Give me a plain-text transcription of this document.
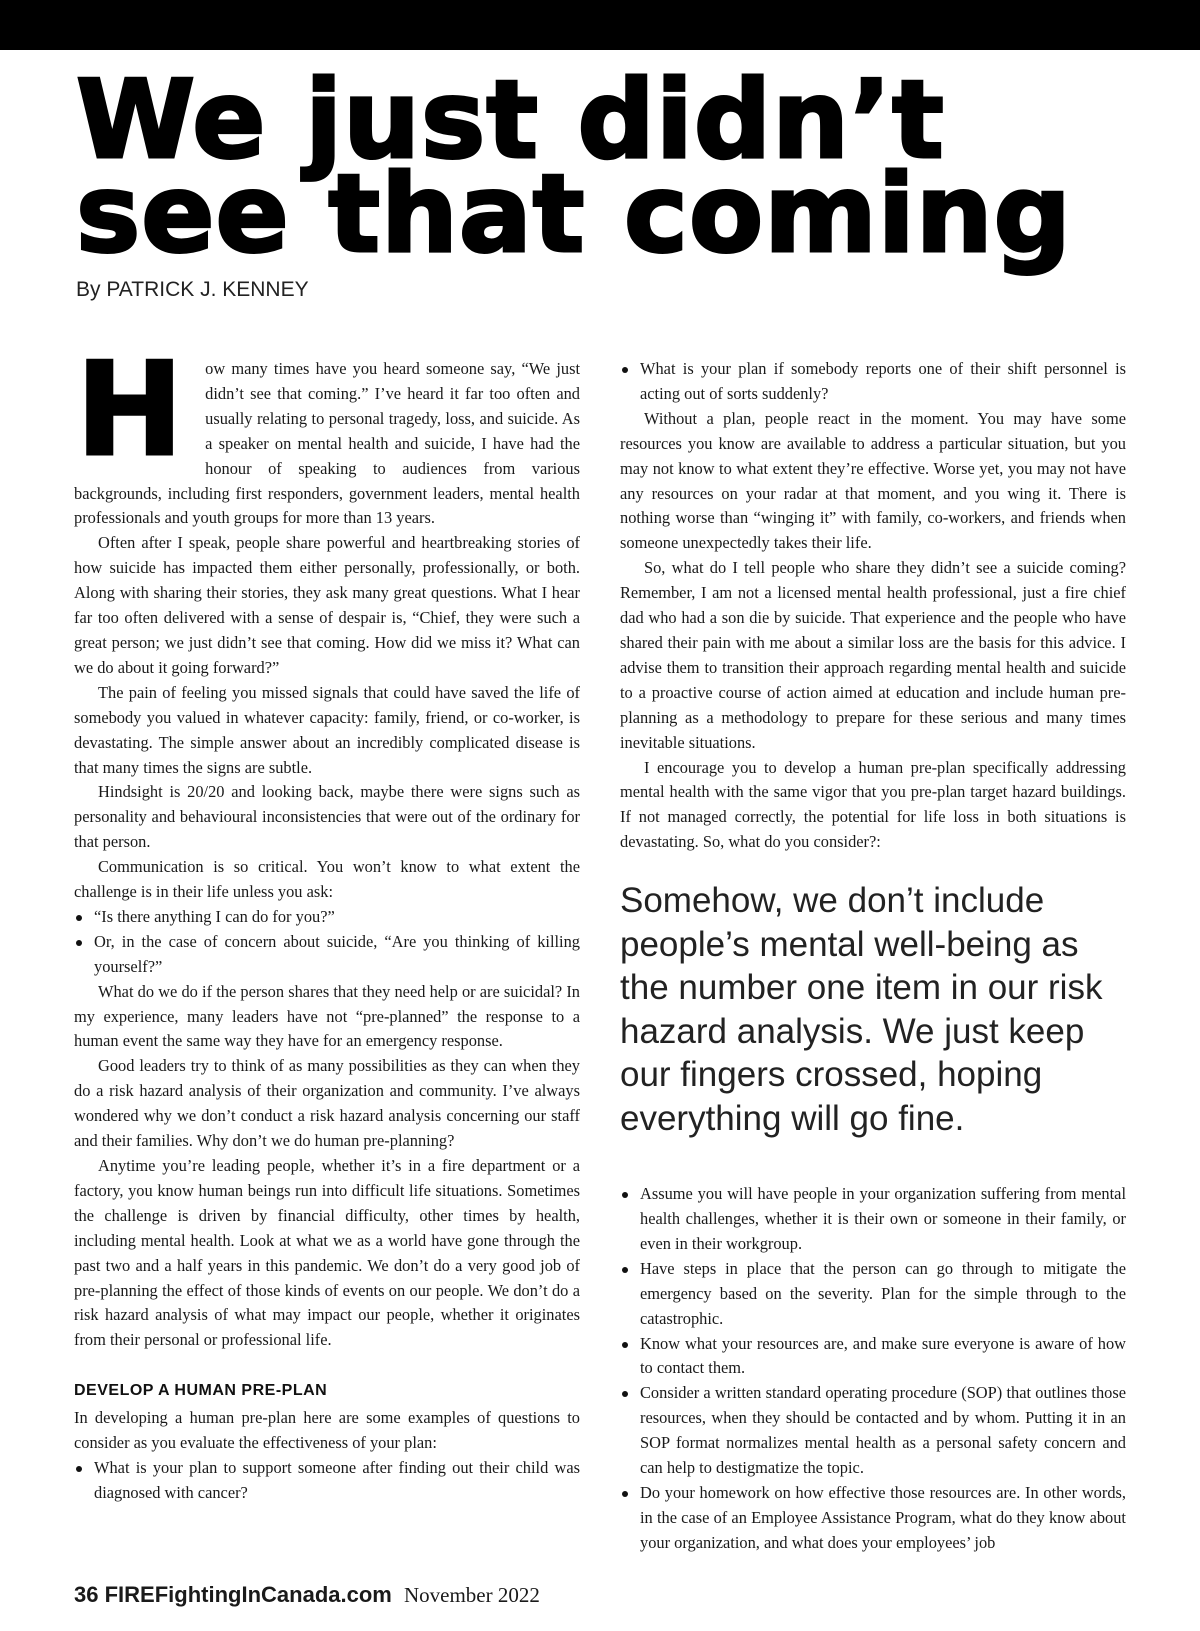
We just didn’t
see that coming
By PATRICK J. KENNEY

H ow many times have you heard someone say, “We just didn’t see that coming.” I’ve heard it far too often and usually relating to personal tragedy, loss, and suicide. As a speaker on mental health and suicide, I have had the honour of speaking to audiences from various backgrounds, including first responders, government leaders, mental health professionals and youth groups for more than 13 years.

Often after I speak, people share powerful and heartbreaking stories of how suicide has impacted them either personally, professionally, or both. Along with sharing their stories, they ask many great questions. What I hear far too often delivered with a sense of despair is, “Chief, they were such a great person; we just didn’t see that coming. How did we miss it? What can we do about it going forward?”

The pain of feeling you missed signals that could have saved the life of somebody you valued in whatever capacity: family, friend, or co-worker, is devastating. The simple answer about an incredibly complicated disease is that many times the signs are subtle.

Hindsight is 20/20 and looking back, maybe there were signs such as personality and behavioural inconsistencies that were out of the ordinary for that person.

Communication is so critical. You won’t know to what extent the challenge is in their life unless you ask:

“Is there anything I can do for you?”
Or, in the case of concern about suicide, “Are you thinking of killing yourself?”

What do we do if the person shares that they need help or are suicidal? In my experience, many leaders have not “pre-planned” the response to a human event the same way they have for an emergency response.

Good leaders try to think of as many possibilities as they can when they do a risk hazard analysis of their organization and community. I’ve always wondered why we don’t conduct a risk hazard analysis concerning our staff and their families. Why don’t we do human pre-planning?

Anytime you’re leading people, whether it’s in a fire department or a factory, you know human beings run into difficult life situations. Sometimes the challenge is driven by financial difficulty, other times by health, including mental health. Look at what we as a world have gone through the past two and a half years in this pandemic. We don’t do a very good job of pre-planning the effect of those kinds of events on our people. We don’t do a risk hazard analysis of what may impact our people, whether it originates from their personal or professional life.

DEVELOP A HUMAN PRE-PLAN

In developing a human pre-plan here are some examples of questions to consider as you evaluate the effectiveness of your plan:

What is your plan to support someone after finding out their child was diagnosed with cancer?
What is your plan if somebody reports one of their shift personnel is acting out of sorts suddenly?

Without a plan, people react in the moment. You may have some resources you know are available to address a particular situation, but you may not know to what extent they’re effective. Worse yet, you may not have any resources on your radar at that moment, and you wing it. There is nothing worse than “winging it” with family, co-workers, and friends when someone unexpectedly takes their life.

So, what do I tell people who share they didn’t see a suicide coming? Remember, I am not a licensed mental health professional, just a fire chief dad who had a son die by suicide. That experience and the people who have shared their pain with me about a similar loss are the basis for this advice. I advise them to transition their approach regarding mental health and suicide to a proactive course of action aimed at education and include human pre-planning as a methodology to prepare for these serious and many times inevitable situations.

I encourage you to develop a human pre-plan specifically addressing mental health with the same vigor that you pre-plan target hazard buildings. If not managed correctly, the potential for life loss in both situations is devastating. So, what do you consider?:

Somehow, we don’t include people’s mental well-being as the number one item in our risk hazard analysis. We just keep our fingers crossed, hoping everything will go fine.
Assume you will have people in your organization suffering from mental health challenges, whether it is their own or someone in their family, or even in their workgroup.
Have steps in place that the person can go through to mitigate the emergency based on the severity. Plan for the simple through to the catastrophic.
Know what your resources are, and make sure everyone is aware of how to contact them.
Consider a written standard operating procedure (SOP) that outlines those resources, when they should be contacted and by whom. Putting it in an SOP format normalizes mental health as a personal safety concern and can help to destigmatize the topic.
Do your homework on how effective those resources are. In other words, in the case of an Employee Assistance Program, what do they know about your organization, and what does your employees’ job
36 FIREFightingInCanada.com November 2022
